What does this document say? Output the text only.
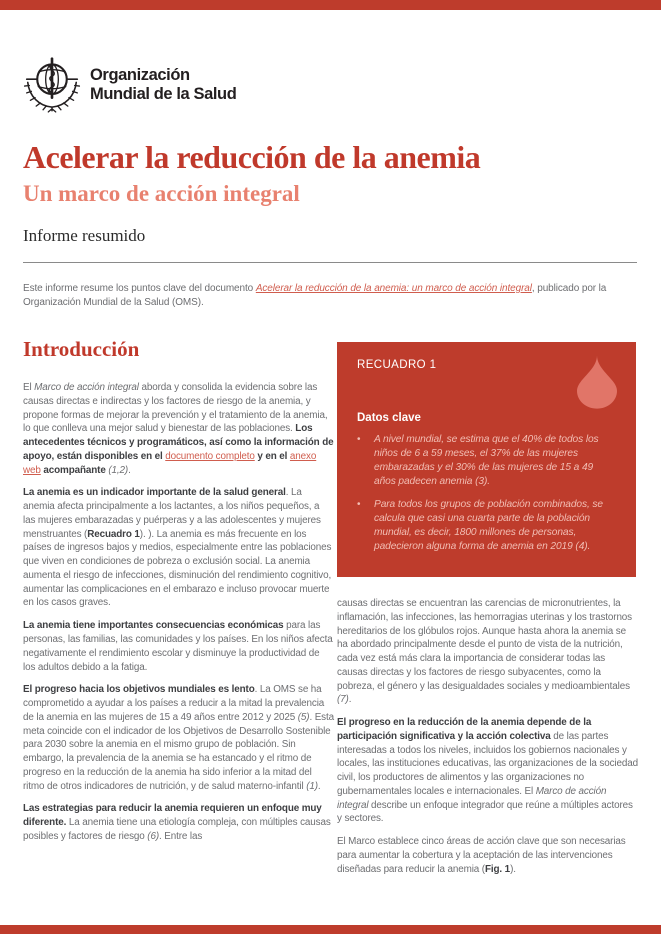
Organización
Mundial de la Salud
Acelerar la reducción de la anemia
Un marco de acción integral
Informe resumido
Este informe resume los puntos clave del documento Acelerar la reducción de la anemia: un marco de acción integral, publicado por la Organización Mundial de la Salud (OMS).
Introducción

El Marco de acción integral aborda y consolida la evidencia sobre las causas directas e indirectas y los factores de riesgo de la anemia, y propone formas de mejorar la prevención y el tratamiento de la anemia, lo que conlleva una mejor salud y bienestar de las poblaciones. Los antecedentes técnicos y programáticos, así como la información de apoyo, están disponibles en el documento completo y en el anexo web acompañante (1,2).

La anemia es un indicador importante de la salud general. La anemia afecta principalmente a los lactantes, a los niños pequeños, a las mujeres embarazadas y puérperas y a las adolescentes y mujeres menstruantes (Recuadro 1). ). La anemia es más frecuente en los países de ingresos bajos y medios, especialmente entre las poblaciones que viven en condiciones de pobreza o exclusión social. La anemia aumenta el riesgo de infecciones, disminución del rendimiento cognitivo, aumentar las complicaciones en el embarazo e incluso provocar muerte en los casos graves.

La anemia tiene importantes consecuencias económicas para las personas, las familias, las comunidades y los países. En los niños afecta negativamente el rendimiento escolar y disminuye la productividad de los adultos debido a la fatiga.

El progreso hacia los objetivos mundiales es lento. La OMS se ha comprometido a ayudar a los países a reducir a la mitad la prevalencia de la anemia en las mujeres de 15 a 49 años entre 2012 y 2025 (5). Esta meta coincide con el indicador de los Objetivos de Desarrollo Sostenible para 2030 sobre la anemia en el mismo grupo de población. Sin embargo, la prevalencia de la anemia se ha estancado y el ritmo de progreso en la reducción de la anemia ha sido inferior a la mitad del ritmo de otros indicadores de nutrición, y de salud materno-infantil (1).

Las estrategias para reducir la anemia requieren un enfoque muy diferente. La anemia tiene una etiología compleja, con múltiples causas posibles y factores de riesgo (6). Entre las

RECUADRO 1
Datos clave
•	A nivel mundial, se estima que el 40% de todos los niños de 6 a 59 meses, el 37% de las mujeres embarazadas y el 30% de las mujeres de 15 a 49 años padecen anemia (3).
•	Para todos los grupos de población combinados, se calcula que casi una cuarta parte de la población mundial, es decir, 1800 millones de personas, padecieron alguna forma de anemia en 2019 (4).

causas directas se encuentran las carencias de micronutrientes, la inflamación, las infecciones, las hemorragias uterinas y los trastornos hereditarios de los glóbulos rojos. Aunque hasta ahora la anemia se ha abordado principalmente desde el punto de vista de la nutrición, cada vez está más clara la importancia de considerar todas las causas directas y los factores de riesgo subyacentes, como la pobreza, el género y las desigualdades sociales y medioambientales (7).

El progreso en la reducción de la anemia depende de la participación significativa y la acción colectiva de las partes interesadas a todos los niveles, incluidos los gobiernos nacionales y locales, las instituciones educativas, las organizaciones de la sociedad civil, los productores de alimentos y las organizaciones no gubernamentales locales e internacionales. El Marco de acción integral describe un enfoque integrador que reúne a múltiples actores y sectores.

El Marco establece cinco áreas de acción clave que son necesarias para aumentar la cobertura y la aceptación de las intervenciones diseñadas para reducir la anemia (Fig. 1).
